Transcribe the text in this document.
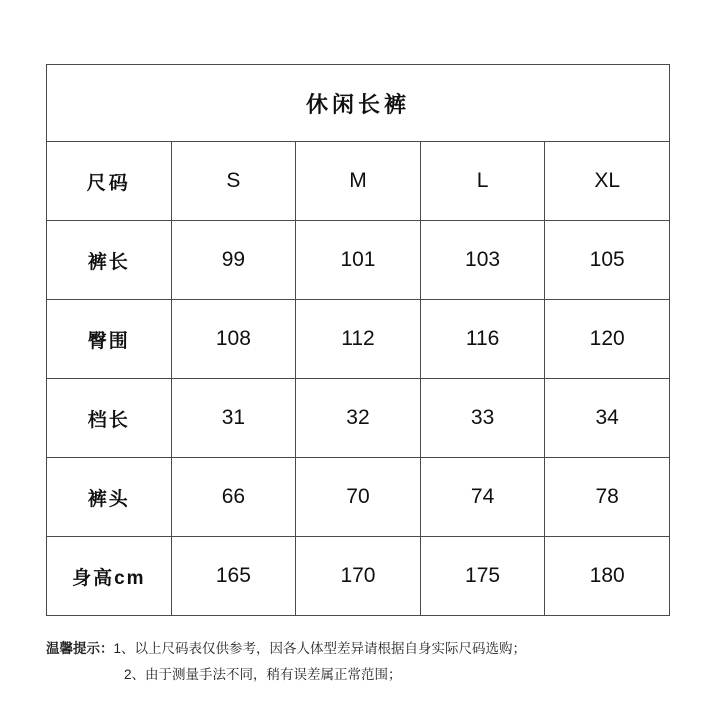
休闲长裤				
尺码	S	M	L	XL
裤长	99	101	103	105
臀围	108	112	116	120
档长	31	32	33	34
裤头	66	70	74	78
身高cm	165	170	175	180
温馨提示：1、以上尺码表仅供参考，因各人体型差异请根据自身实际尺码选购；
2、由于测量手法不同，稍有误差属正常范围；
